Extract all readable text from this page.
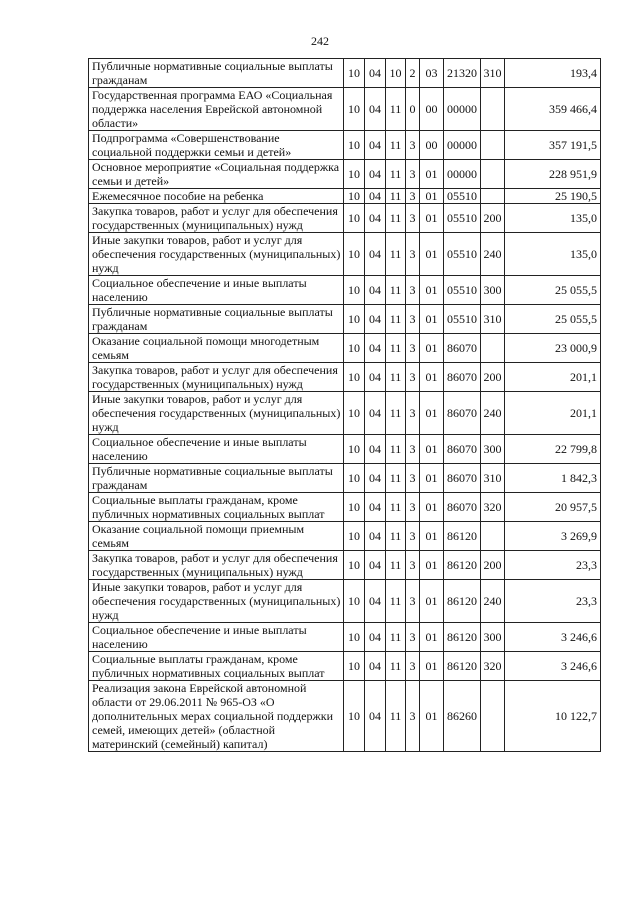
242
Публичные нормативные социальные выплаты гражданам	10	04	10	2	03	21320	310	193,4
Государственная программа ЕАО «Социальная поддержка населения Еврейской автономной области»	10	04	11	0	00	00000		359 466,4
Подпрограмма «Совершенствование социальной поддержки семьи и детей»	10	04	11	3	00	00000		357 191,5
Основное мероприятие «Социальная поддержка семьи и детей»	10	04	11	3	01	00000		228 951,9
Ежемесячное пособие на ребенка	10	04	11	3	01	05510		25 190,5
Закупка товаров, работ и услуг для обеспечения государственных (муниципальных) нужд	10	04	11	3	01	05510	200	135,0
Иные закупки товаров, работ и услуг для обеспечения государственных (муниципальных) нужд	10	04	11	3	01	05510	240	135,0
Социальное обеспечение и иные выплаты населению	10	04	11	3	01	05510	300	25 055,5
Публичные нормативные социальные выплаты гражданам	10	04	11	3	01	05510	310	25 055,5
Оказание социальной помощи многодетным семьям	10	04	11	3	01	86070		23 000,9
Закупка товаров, работ и услуг для обеспечения государственных (муниципальных) нужд	10	04	11	3	01	86070	200	201,1
Иные закупки товаров, работ и услуг для обеспечения государственных (муниципальных) нужд	10	04	11	3	01	86070	240	201,1
Социальное обеспечение и иные выплаты населению	10	04	11	3	01	86070	300	22 799,8
Публичные нормативные социальные выплаты гражданам	10	04	11	3	01	86070	310	1 842,3
Социальные выплаты гражданам, кроме публичных нормативных социальных выплат	10	04	11	3	01	86070	320	20 957,5
Оказание социальной помощи приемным семьям	10	04	11	3	01	86120		3 269,9
Закупка товаров, работ и услуг для обеспечения государственных (муниципальных) нужд	10	04	11	3	01	86120	200	23,3
Иные закупки товаров, работ и услуг для обеспечения государственных (муниципальных) нужд	10	04	11	3	01	86120	240	23,3
Социальное обеспечение и иные выплаты населению	10	04	11	3	01	86120	300	3 246,6
Социальные выплаты гражданам, кроме публичных нормативных социальных выплат	10	04	11	3	01	86120	320	3 246,6
Реализация закона Еврейской автономной области от 29.06.2011 № 965-ОЗ «О дополнительных мерах социальной поддержки семей, имеющих детей» (областной материнский (семейный) капитал)	10	04	11	3	01	86260		10 122,7
